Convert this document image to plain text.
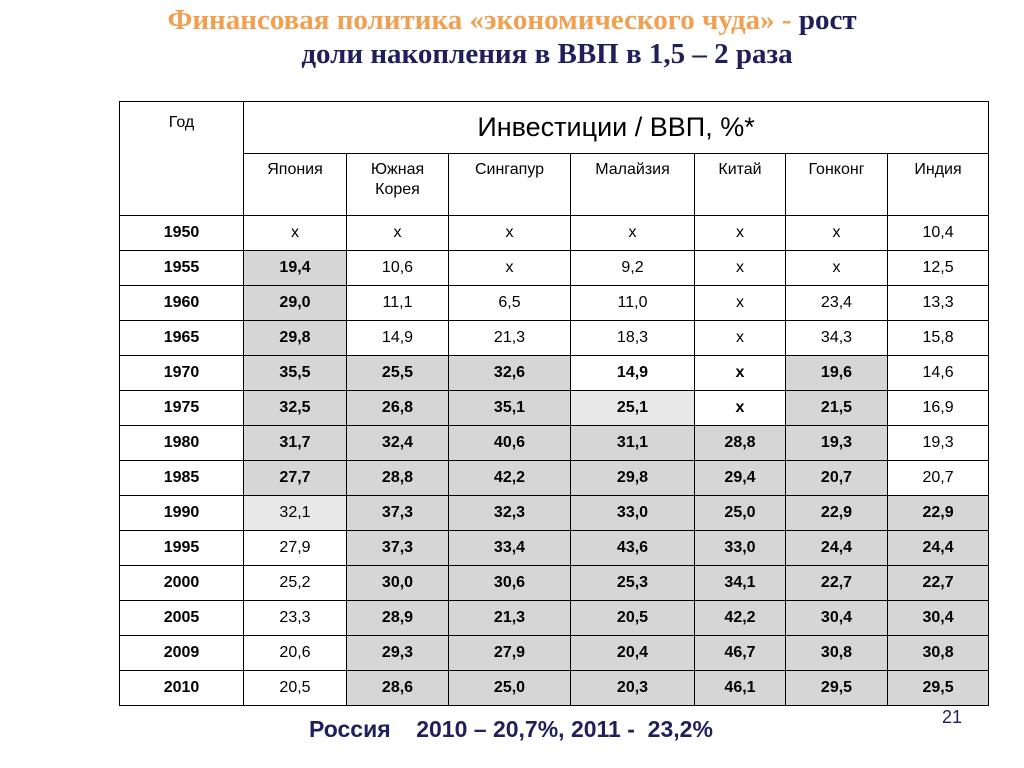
Финансовая политика «экономического чуда» - рост
доли накопления в ВВП в 1,5 – 2 раза
Год	Инвестиции / ВВП, %*						
	Япония	Южная Корея	Сингапур	Малайзия	Китай	Гонконг	Индия
1950	x	x	x	x	x	x	10,4
1955	19,4	10,6	x	9,2	x	x	12,5
1960	29,0	11,1	6,5	11,0	x	23,4	13,3
1965	29,8	14,9	21,3	18,3	x	34,3	15,8
1970	35,5	25,5	32,6	14,9	x	19,6	14,6
1975	32,5	26,8	35,1	25,1	x	21,5	16,9
1980	31,7	32,4	40,6	31,1	28,8	19,3	19,3
1985	27,7	28,8	42,2	29,8	29,4	20,7	20,7
1990	32,1	37,3	32,3	33,0	25,0	22,9	22,9
1995	27,9	37,3	33,4	43,6	33,0	24,4	24,4
2000	25,2	30,0	30,6	25,3	34,1	22,7	22,7
2005	23,3	28,9	21,3	20,5	42,2	30,4	30,4
2009	20,6	29,3	27,9	20,4	46,7	30,8	30,8
2010	20,5	28,6	25,0	20,3	46,1	29,5	29,5
Россия    2010 – 20,7%, 2011 -  23,2%	21
